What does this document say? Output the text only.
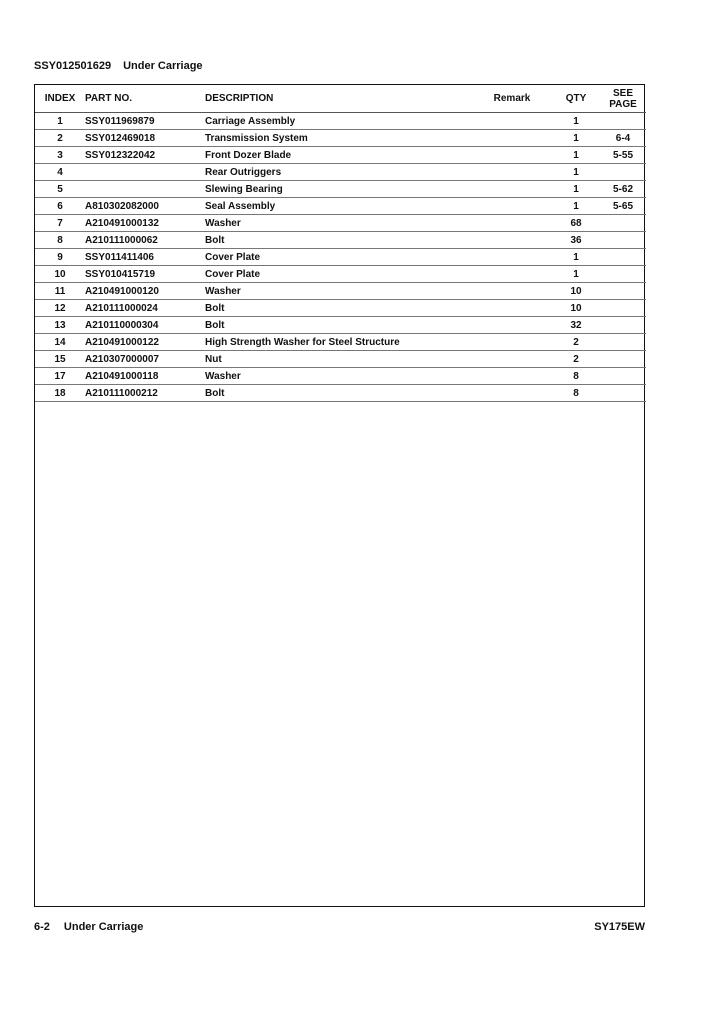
SSY012501629 Under Carriage
INDEX	PART NO.	DESCRIPTION	Remark	QTY	SEE
PAGE
1	SSY011969879	Carriage Assembly		1	
2	SSY012469018	Transmission System		1	6-4
3	SSY012322042	Front Dozer Blade		1	5-55
4		Rear Outriggers		1	
5		Slewing Bearing		1	5-62
6	A810302082000	Seal Assembly		1	5-65
7	A210491000132	Washer		68	
8	A210111000062	Bolt		36	
9	SSY011411406	Cover Plate		1	
10	SSY010415719	Cover Plate		1	
11	A210491000120	Washer		10	
12	A210111000024	Bolt		10	
13	A210110000304	Bolt		32	
14	A210491000122	High Strength Washer for Steel Structure		2	
15	A210307000007	Nut		2	
17	A210491000118	Washer		8	
18	A210111000212	Bolt		8	
6-2 Under Carriage	SY175EW
